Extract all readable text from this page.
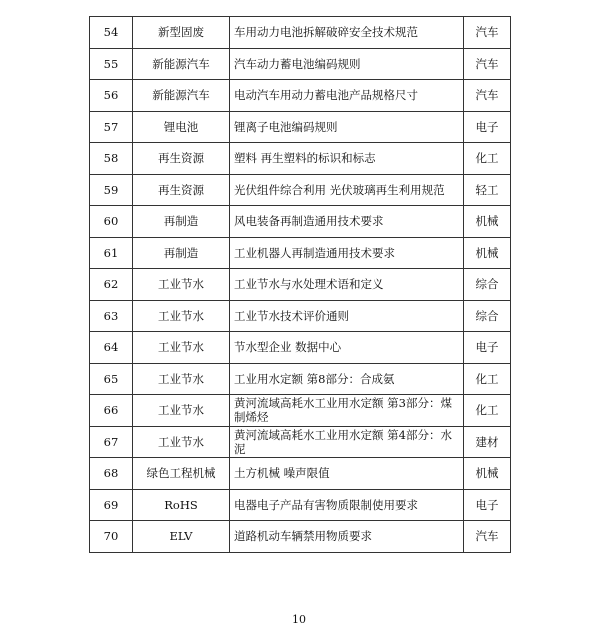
54	新型固废	车用动力电池拆解破碎安全技术规范	汽车
55	新能源汽车	汽车动力蓄电池编码规则	汽车
56	新能源汽车	电动汽车用动力蓄电池产品规格尺寸	汽车
57	锂电池	锂离子电池编码规则	电子
58	再生资源	塑料 再生塑料的标识和标志	化工
59	再生资源	光伏组件综合利用 光伏玻璃再生利用规范	轻工
60	再制造	风电装备再制造通用技术要求	机械
61	再制造	工业机器人再制造通用技术要求	机械
62	工业节水	工业节水与水处理术语和定义	综合
63	工业节水	工业节水技术评价通则	综合
64	工业节水	节水型企业 数据中心	电子
65	工业节水	工业用水定额 第8部分：合成氨	化工
66	工业节水	黄河流域高耗水工业用水定额 第3部分：煤制烯烃	化工
67	工业节水	黄河流域高耗水工业用水定额 第4部分：水泥	建材
68	绿色工程机械	土方机械 噪声限值	机械
69	RoHS	电器电子产品有害物质限制使用要求	电子
70	ELV	道路机动车辆禁用物质要求	汽车
10
